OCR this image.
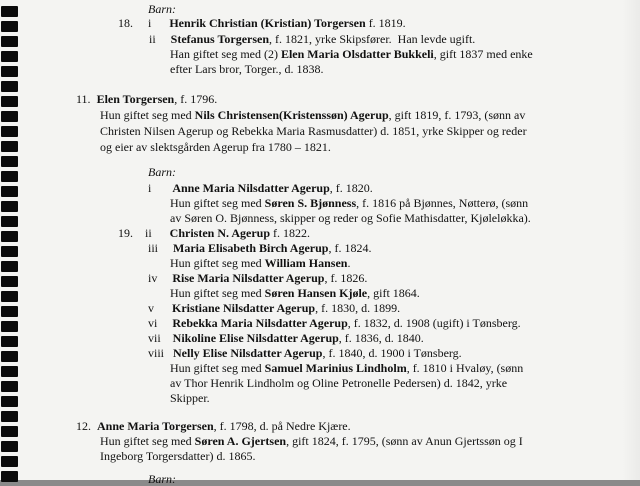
Barn:
18.     i      Henrik Christian (Kristian) Torgersen f. 1819.
ii     Stefanus Torgersen, f. 1821, yrke Skipsfører.  Han levde ugift.
Han giftet seg med (2) Elen Maria Olsdatter Bukkeli, gift 1837 med enke
efter Lars bror, Torger., d. 1838.
11.  Elen Torgersen, f. 1796.
Hun giftet seg med Nils Christensen(Kristenssøn) Agerup, gift 1819, f. 1793, (sønn av
Christen Nilsen Agerup og Rebekka Maria Rasmusdatter) d. 1851, yrke Skipper og reder
og eier av slektsgården Agerup fra 1780 – 1821.
Barn:
i       Anne Maria Nilsdatter Agerup, f. 1820.
Hun giftet seg med Søren S. Bjønness, f. 1816 på Bjønnes, Nøtterø, (sønn
av Søren O. Bjønness, skipper og reder og Sofie Mathisdatter, Kjøleløkka).
19.    ii      Christen N. Agerup f. 1822.
iii     Maria Elisabeth Birch Agerup, f. 1824.
Hun giftet seg med William Hansen.
iv     Rise Maria Nilsdatter Agerup, f. 1826.
Hun giftet seg med Søren Hansen Kjøle, gift 1864.
v      Kristiane Nilsdatter Agerup, f. 1830, d. 1899.
vi     Rebekka Maria Nilsdatter Agerup, f. 1832, d. 1908 (ugift) i Tønsberg.
vii    Nikoline Elise Nilsdatter Agerup, f. 1836, d. 1840.
viii   Nelly Elise Nilsdatter Agerup, f. 1840, d. 1900 i Tønsberg.
Hun giftet seg med Samuel Marinius Lindholm, f. 1810 i Hvaløy, (sønn
av Thor Henrik Lindholm og Oline Petronelle Pedersen) d. 1842, yrke
Skipper.
12.  Anne Maria Torgersen, f. 1798, d. på Nedre Kjære.
Hun giftet seg med Søren A. Gjertsen, gift 1824, f. 1795, (sønn av Anun Gjertssøn og I
Ingeborg Torgersdatter) d. 1865.
Barn:
